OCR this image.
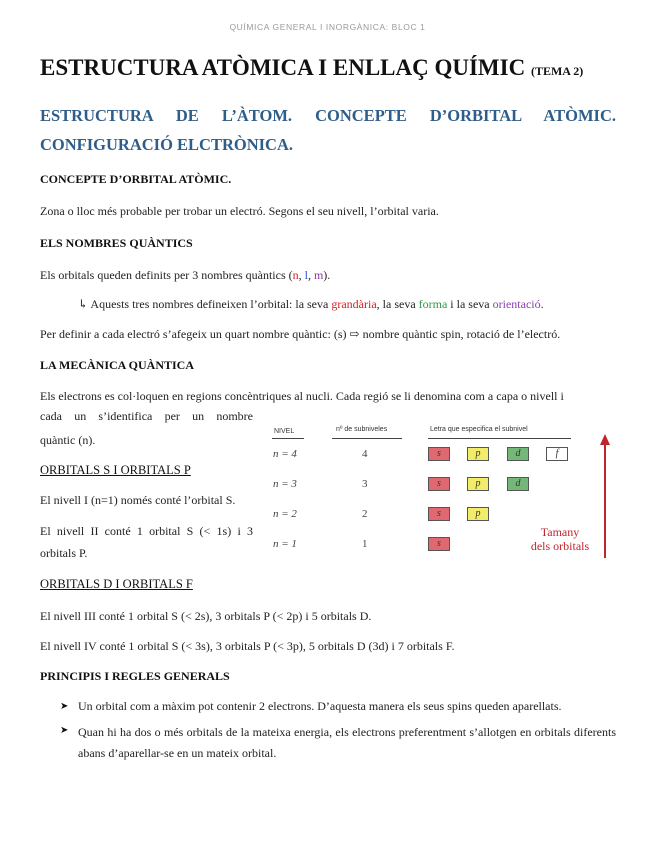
QUÍMICA GENERAL I INORGÀNICA: BLOC 1
ESTRUCTURA ATÒMICA I ENLLAÇ QUÍMIC (TEMA 2)
ESTRUCTURA DE L’ÀTOM. CONCEPTE D’ORBITAL ATÒMIC. CONFIGURACIÓ ELCTRÒNICA.
CONCEPTE D’ORBITAL ATÒMIC.
Zona o lloc més probable per trobar un electró. Segons el seu nivell, l’orbital varia.
ELS NOMBRES QUÀNTICS
Els orbitals queden definits per 3 nombres quàntics (n, l, m).
↳ Aquests tres nombres defineixen l’orbital: la seva grandària, la seva forma i la seva orientació.
Per definir a cada electró s’afegeix un quart nombre quàntic: (s) ⇨ nombre quàntic spin, rotació de l’electró.
LA MECÀNICA QUÀNTICA
Els electrons es col·loquen en regions concèntriques al nucli. Cada regió se li denomina com a capa o nivell i
cada un s’identifica per un nombre
quàntic (n).
ORBITALS S I ORBITALS P
El nivell I (n=1) només conté l’orbital S.
El nivell II conté 1 orbital S (< 1s) i 3
orbitals P.
NIVEL	nº de subniveles	Letra que especifica el subnivel
n = 4	4	s	p	d	f
n = 3	3	s	p	d
n = 2	2	s	p
n = 1	1	s
Tamany
dels orbitals
ORBITALS D I ORBITALS F
El nivell III conté 1 orbital S (< 2s), 3 orbitals P (< 2p) i 5 orbitals D.
El nivell IV conté 1 orbital S (< 3s), 3 orbitals P (< 3p), 5 orbitals D (3d) i 7 orbitals F.
PRINCIPIS I REGLES GENERALS
➤ Un orbital com a màxim pot contenir 2 electrons. D’aquesta manera els seus spins queden aparellats.
➤ Quan hi ha dos o més orbitals de la mateixa energia, els electrons preferentment s’allotgen en orbitals diferents abans d’aparellar-se en un mateix orbital.
